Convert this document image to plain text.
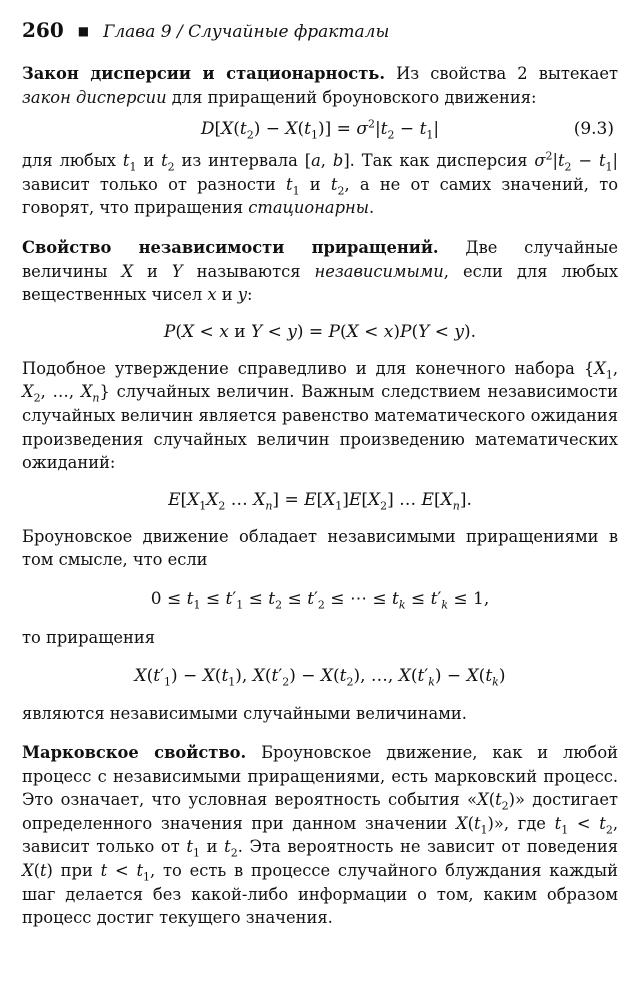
260 ■ Глава 9 / Случайные фракталы

Закон дисперсии и стационарность. Из свойства 2 вытекает закон дисперсии для приращений броуновского движения:

$D[X(t_2) - X(t_1)] = \sigma^2|t_2 - t_1|$	(9.3)

для любых $t_1$ и $t_2$ из интервала [a, b]. Так как дисперсия $\sigma^2|t_2 - t_1|$ зависит только от разности $t_1$ и $t_2$, а не от самих значений, то говорят, что приращения стационарны.

Свойство независимости приращений. Две случайные величины X и Y называются независимыми, если для любых вещественных чисел x и y:

P(X < x и Y < y) = P(X < x)P(Y < y).

Подобное утверждение справедливо и для конечного набора {$X_1$, $X_2$, …, $X_n$} случайных величин. Важным следствием независимости случайных величин является равенство математического ожидания произведения случайных величин произведению математических ожиданий:

$E[X_1X_2$ … $X_n] = E[X_1]E[X_2]$ … $E[X_n]$.

Броуновское движение обладает независимыми приращениями в том смысле, что если

$0 \le t_1 \le t'_1 \le t_2 \le t'_2$ ≤ ⋯ ≤ $t_k \le t'_k \le 1$,

то приращения

$X(t'_1) - X(t_1)$, $X(t'_2) - X(t_2)$, …, $X(t'_k) - X(t_k)$

являются независимыми случайными величинами.

Марковское свойство. Броуновское движение, как и любой процесс с независимыми приращениями, есть марковский процесс. Это означает, что условная вероятность события «$X(t_2)$» достигает определенного значения при данном значении $X(t_1)$», где $t_1 < t_2$, зависит только от $t_1$ и $t_2$. Эта вероятность не зависит от поведения X(t) при $t < t_1$, то есть в процессе случайного блуждания каждый шаг делается без какой-либо информации о том, каким образом процесс достиг текущего значения.
